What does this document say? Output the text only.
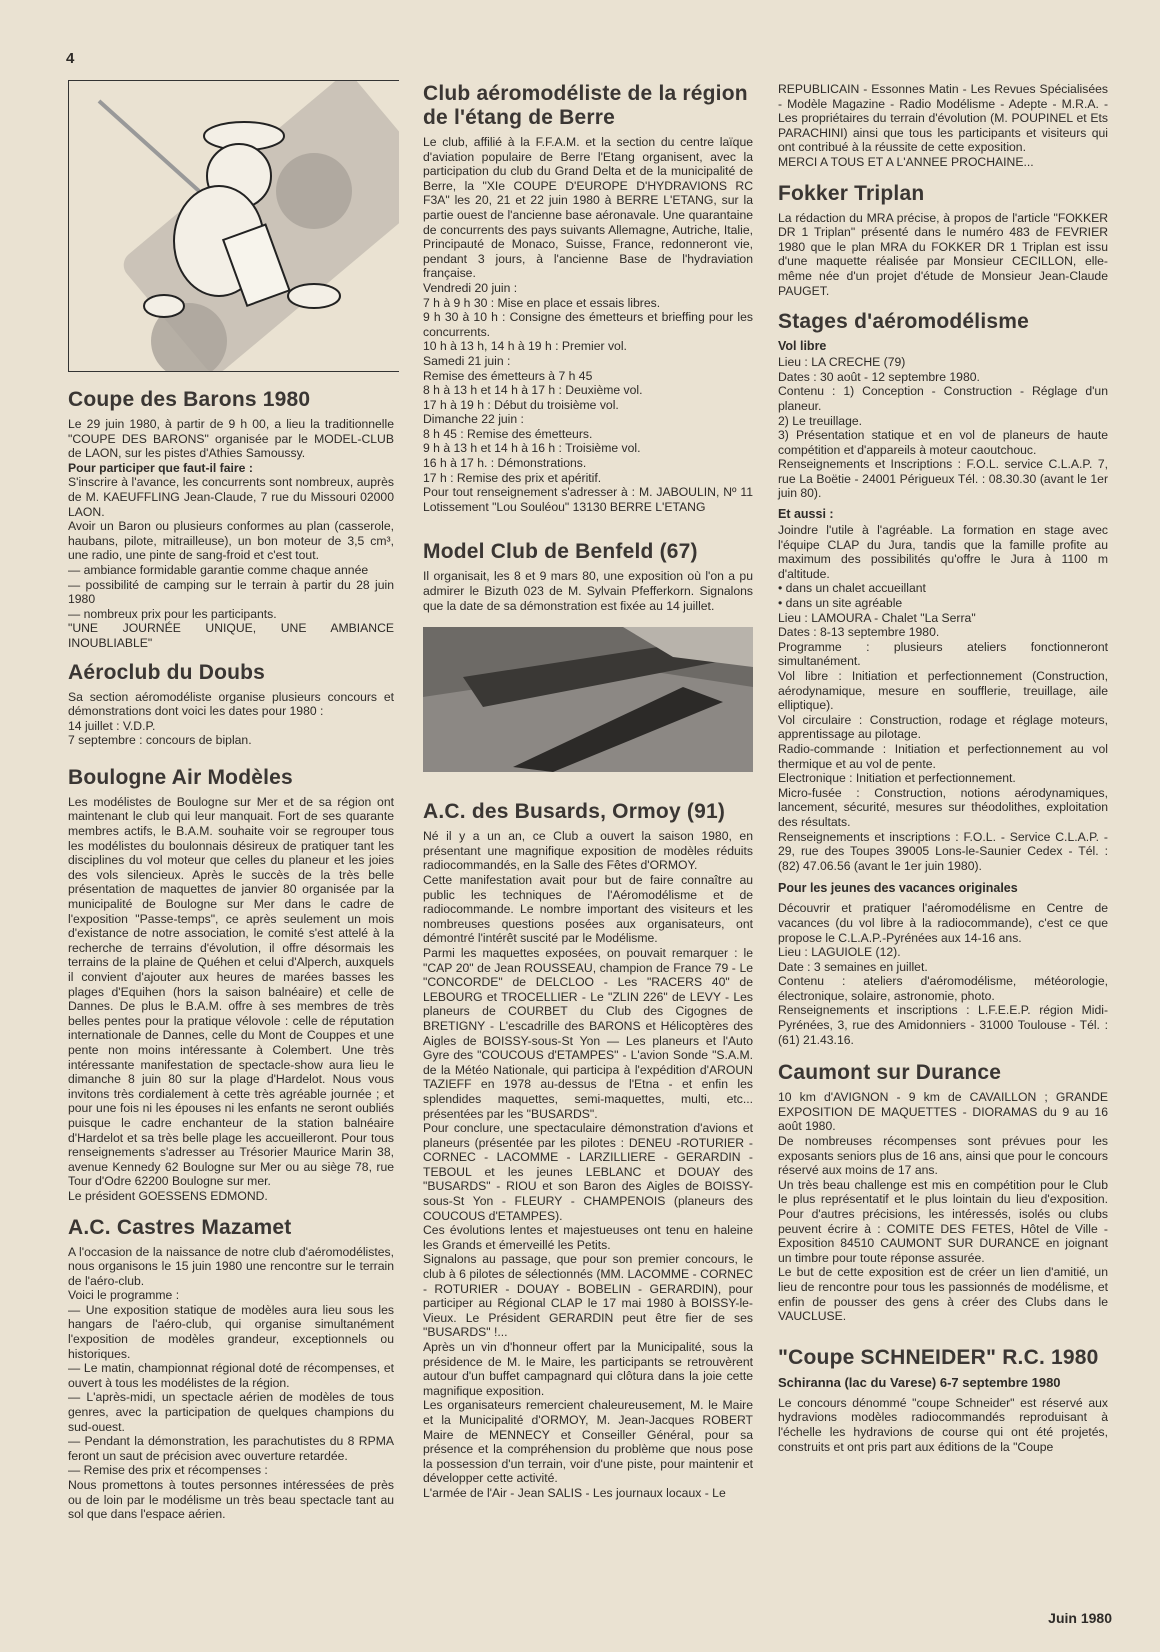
4
Coupe des Barons 1980

Le 29 juin 1980, à partir de 9 h 00, a lieu la traditionnelle "COUPE DES BARONS" organisée par le MODEL-CLUB de LAON, sur les pistes d'Athies Samoussy.

Pour participer que faut-il faire :

S'inscrire à l'avance, les concurrents sont nombreux, auprès de M. KAEUFFLING Jean-Claude, 7 rue du Missouri 02000 LAON.
Avoir un Baron ou plusieurs conformes au plan (casserole, haubans, pilote, mitrailleuse), un bon moteur de 3,5 cm³, une radio, une pinte de sang-froid et c'est tout.
— ambiance formidable garantie comme chaque année
— possibilité de camping sur le terrain à partir du 28 juin 1980
— nombreux prix pour les participants.
"UNE JOURNÉE UNIQUE, UNE AMBIANCE INOUBLIABLE"

Aéroclub du Doubs

Sa section aéromodéliste organise plusieurs concours et démonstrations dont voici les dates pour 1980 :
14 juillet : V.D.P.
7 septembre : concours de biplan.

Boulogne Air Modèles

Les modélistes de Boulogne sur Mer et de sa région ont maintenant le club qui leur manquait. Fort de ses quarante membres actifs, le B.A.M. souhaite voir se regrouper tous les modélistes du boulonnais désireux de pratiquer tant les disciplines du vol moteur que celles du planeur et les joies des vols silencieux. Après le succès de la très belle présentation de maquettes de janvier 80 organisée par la municipalité de Boulogne sur Mer dans le cadre de l'exposition "Passe-temps", ce après seulement un mois d'existance de notre association, le comité s'est attelé à la recherche de terrains d'évolution, il offre désormais les terrains de la plaine de Quéhen et celui d'Alperch, auxquels il convient d'ajouter aux heures de marées basses les plages d'Equihen (hors la saison balnéaire) et celle de Dannes. De plus le B.A.M. offre à ses membres de très belles pentes pour la pratique vélovole : celle de réputation internationale de Dannes, celle du Mont de Couppes et une pente non moins intéressante à Colembert. Une très intéressante manifestation de spectacle-show aura lieu le dimanche 8 juin 80 sur la plage d'Hardelot. Nous vous invitons très cordialement à cette très agréable journée ; et pour une fois ni les épouses ni les enfants ne seront oubliés puisque le cadre enchanteur de la station balnéaire d'Hardelot et sa très belle plage les accueilleront. Pour tous renseignements s'adresser au Trésorier Maurice Marin 38, avenue Kennedy 62 Boulogne sur Mer ou au siège 78, rue Tour d'Odre 62200 Boulogne sur mer.
Le président GOESSENS EDMOND.

A.C. Castres Mazamet

A l'occasion de la naissance de notre club d'aéromodélistes, nous organisons le 15 juin 1980 une rencontre sur le terrain de l'aéro-club.
Voici le programme :
— Une exposition statique de modèles aura lieu sous les hangars de l'aéro-club, qui organise simultanément l'exposition de modèles grandeur, exceptionnels ou historiques.
— Le matin, championnat régional doté de récompenses, et ouvert à tous les modélistes de la région.
— L'après-midi, un spectacle aérien de modèles de tous genres, avec la participation de quelques champions du sud-ouest.
— Pendant la démonstration, les parachutistes du 8 RPMA feront un saut de précision avec ouverture retardée.
— Remise des prix et récompenses :
Nous promettons à toutes personnes intéressées de près ou de loin par le modélisme un très beau spectacle tant au sol que dans l'espace aérien.

Club aéromodéliste de la région de l'étang de Berre

Le club, affilié à la F.F.A.M. et la section du centre laïque d'aviation populaire de Berre l'Etang organisent, avec la participation du club du Grand Delta et de la municipalité de Berre, la "XIe COUPE D'EUROPE D'HYDRAVIONS RC F3A" les 20, 21 et 22 juin 1980 à BERRE L'ETANG, sur la partie ouest de l'ancienne base aéronavale. Une quarantaine de concurrents des pays suivants Allemagne, Autriche, Italie, Principauté de Monaco, Suisse, France, redonneront vie, pendant 3 jours, à l'ancienne Base de l'hydraviation française.
Vendredi 20 juin :
7 h à 9 h 30 : Mise en place et essais libres.
9 h 30 à 10 h : Consigne des émetteurs et brieffing pour les concurrents.
10 h à 13 h, 14 h à 19 h : Premier vol.
Samedi 21 juin :
Remise des émetteurs à 7 h 45
8 h à 13 h et 14 h à 17 h : Deuxième vol.
17 h à 19 h : Début du troisième vol.
Dimanche 22 juin :
8 h 45 : Remise des émetteurs.
9 h à 13 h et 14 h à 16 h : Troisième vol.
16 h à 17 h. : Démonstrations.
17 h : Remise des prix et apéritif.
Pour tout renseignement s'adresser à : M. JABOULIN, Nº 11 Lotissement "Lou Souléou" 13130 BERRE L'ETANG

Model Club de Benfeld (67)

Il organisait, les 8 et 9 mars 80, une exposition où l'on a pu admirer le Bizuth 023 de M. Sylvain Pfefferkorn. Signalons que la date de sa démonstration est fixée au 14 juillet.

A.C. des Busards, Ormoy (91)

Né il y a un an, ce Club a ouvert la saison 1980, en présentant une magnifique exposition de modèles réduits radiocommandés, en la Salle des Fêtes d'ORMOY.
Cette manifestation avait pour but de faire connaître au public les techniques de l'Aéromodélisme et de radiocommande. Le nombre important des visiteurs et les nombreuses questions posées aux organisateurs, ont démontré l'intérêt suscité par le Modélisme.
Parmi les maquettes exposées, on pouvait remarquer : le "CAP 20" de Jean ROUSSEAU, champion de France 79 - Le "CONCORDE" de DELCLOO - Les "RACERS 40" de LEBOURG et TROCELLIER - Le "ZLIN 226" de LEVY - Les planeurs de COURBET du Club des Cigognes de BRETIGNY - L'escadrille des BARONS et Hélicoptères des Aigles de BOISSY-sous-St Yon — Les planeurs et l'Auto Gyre des "COUCOUS d'ETAMPES" - L'avion Sonde "S.A.M. de la Météo Nationale, qui participa à l'expédition d'AROUN TAZIEFF en 1978 au-dessus de l'Etna - et enfin les splendides maquettes, semi-maquettes, multi, etc... présentées par les "BUSARDS".
Pour conclure, une spectaculaire démonstration d'avions et planeurs (présentée par les pilotes : DENEU -ROTURIER - CORNEC - LACOMME - LARZILLIERE - GERARDIN - TEBOUL et les jeunes LEBLANC et DOUAY des "BUSARDS" - RIOU et son Baron des Aigles de BOISSY-sous-St Yon - FLEURY - CHAMPENOIS (planeurs des COUCOUS d'ETAMPES).
Ces évolutions lentes et majestueuses ont tenu en haleine les Grands et émerveillé les Petits.
Signalons au passage, que pour son premier concours, le club à 6 pilotes de sélectionnés (MM. LACOMME - CORNEC - ROTURIER - DOUAY - BOBELIN - GERARDIN), pour participer au Régional CLAP le 17 mai 1980 à BOISSY-le-Vieux. Le Président GERARDIN peut être fier de ses "BUSARDS" !...
Après un vin d'honneur offert par la Municipalité, sous la présidence de M. le Maire, les participants se retrouvèrent autour d'un buffet campagnard qui clôtura dans la joie cette magnifique exposition.
Les organisateurs remercient chaleureusement, M. le Maire et la Municipalité d'ORMOY, M. Jean-Jacques ROBERT Maire de MENNECY et Conseiller Général, pour sa présence et la compréhension du problème que nous pose la possession d'un terrain, voir d'une piste, pour maintenir et développer cette activité.
L'armée de l'Air - Jean SALIS - Les journaux locaux - Le

REPUBLICAIN - Essonnes Matin - Les Revues Spécialisées - Modèle Magazine - Radio Modélisme - Adepte - M.R.A. - Les propriétaires du terrain d'évolution (M. POUPINEL et Ets PARACHINI) ainsi que tous les participants et visiteurs qui ont contribué à la réussite de cette exposition.
MERCI A TOUS ET A L'ANNEE PROCHAINE...

Fokker Triplan

La rédaction du MRA précise, à propos de l'article "FOKKER DR 1 Triplan" présenté dans le numéro 483 de FEVRIER 1980 que le plan MRA du FOKKER DR 1 Triplan est issu d'une maquette réalisée par Monsieur CECILLON, elle-même née d'un projet d'étude de Monsieur Jean-Claude PAUGET.

Stages d'aéromodélisme
Vol libre

Lieu : LA CRECHE (79)
Dates : 30 août - 12 septembre 1980.
Contenu : 1) Conception - Construction - Réglage d'un planeur.
2) Le treuillage.
3) Présentation statique et en vol de planeurs de haute compétition et d'appareils à moteur caoutchouc.
Renseignements et Inscriptions : F.O.L. service C.L.A.P. 7, rue La Boëtie - 24001 Périgueux Tél. : 08.30.30 (avant le 1er juin 80).

Et aussi :

Joindre l'utile à l'agréable. La formation en stage avec l'équipe CLAP du Jura, tandis que la famille profite au maximum des possibilités qu'offre le Jura à 1100 m d'altitude.
• dans un chalet accueillant
• dans un site agréable
Lieu : LAMOURA - Chalet "La Serra"
Dates : 8-13 septembre 1980.
Programme : plusieurs ateliers fonctionneront simultanément.
Vol libre : Initiation et perfectionnement (Construction, aérodynamique, mesure en soufflerie, treuillage, aile elliptique).
Vol circulaire : Construction, rodage et réglage moteurs, apprentissage au pilotage.
Radio-commande : Initiation et perfectionnement au vol thermique et au vol de pente.
Electronique : Initiation et perfectionnement.
Micro-fusée : Construction, notions aérodynamiques, lancement, sécurité, mesures sur théodolithes, exploitation des résultats.
Renseignements et inscriptions : F.O.L. - Service C.L.A.P. - 29, rue des Toupes 39005 Lons-le-Saunier Cedex - Tél. : (82) 47.06.56 (avant le 1er juin 1980).

Pour les jeunes des vacances originales

Découvrir et pratiquer l'aéromodélisme en Centre de vacances (du vol libre à la radiocommande), c'est ce que propose le C.L.A.P.-Pyrénées aux 14-16 ans.
Lieu : LAGUIOLE (12).
Date : 3 semaines en juillet.
Contenu : ateliers d'aéromodélisme, météorologie, électronique, solaire, astronomie, photo.
Renseignements et inscriptions : L.F.E.E.P. région Midi-Pyrénées, 3, rue des Amidonniers - 31000 Toulouse - Tél. : (61) 21.43.16.

Caumont sur Durance

10 km d'AVIGNON - 9 km de CAVAILLON ; GRANDE EXPOSITION DE MAQUETTES - DIORAMAS du 9 au 16 août 1980.
De nombreuses récompenses sont prévues pour les exposants seniors plus de 16 ans, ainsi que pour le concours réservé aux moins de 17 ans.
Un très beau challenge est mis en compétition pour le Club le plus représentatif et le plus lointain du lieu d'exposition. Pour d'autres précisions, les intéressés, isolés ou clubs peuvent écrire à : COMITE DES FETES, Hôtel de Ville - Exposition 84510 CAUMONT SUR DURANCE en joignant un timbre pour toute réponse assurée.
Le but de cette exposition est de créer un lien d'amitié, un lieu de rencontre pour tous les passionnés de modélisme, et enfin de pousser des gens à créer des Clubs dans le VAUCLUSE.

"Coupe SCHNEIDER" R.C. 1980
Schiranna (lac du Varese) 6-7 septembre 1980

Le concours dénommé "coupe Schneider" est réservé aux hydravions modèles radiocommandés reproduisant à l'échelle les hydravions de course qui ont été projetés, construits et ont pris part aux éditions de la "Coupe

Juin 1980
